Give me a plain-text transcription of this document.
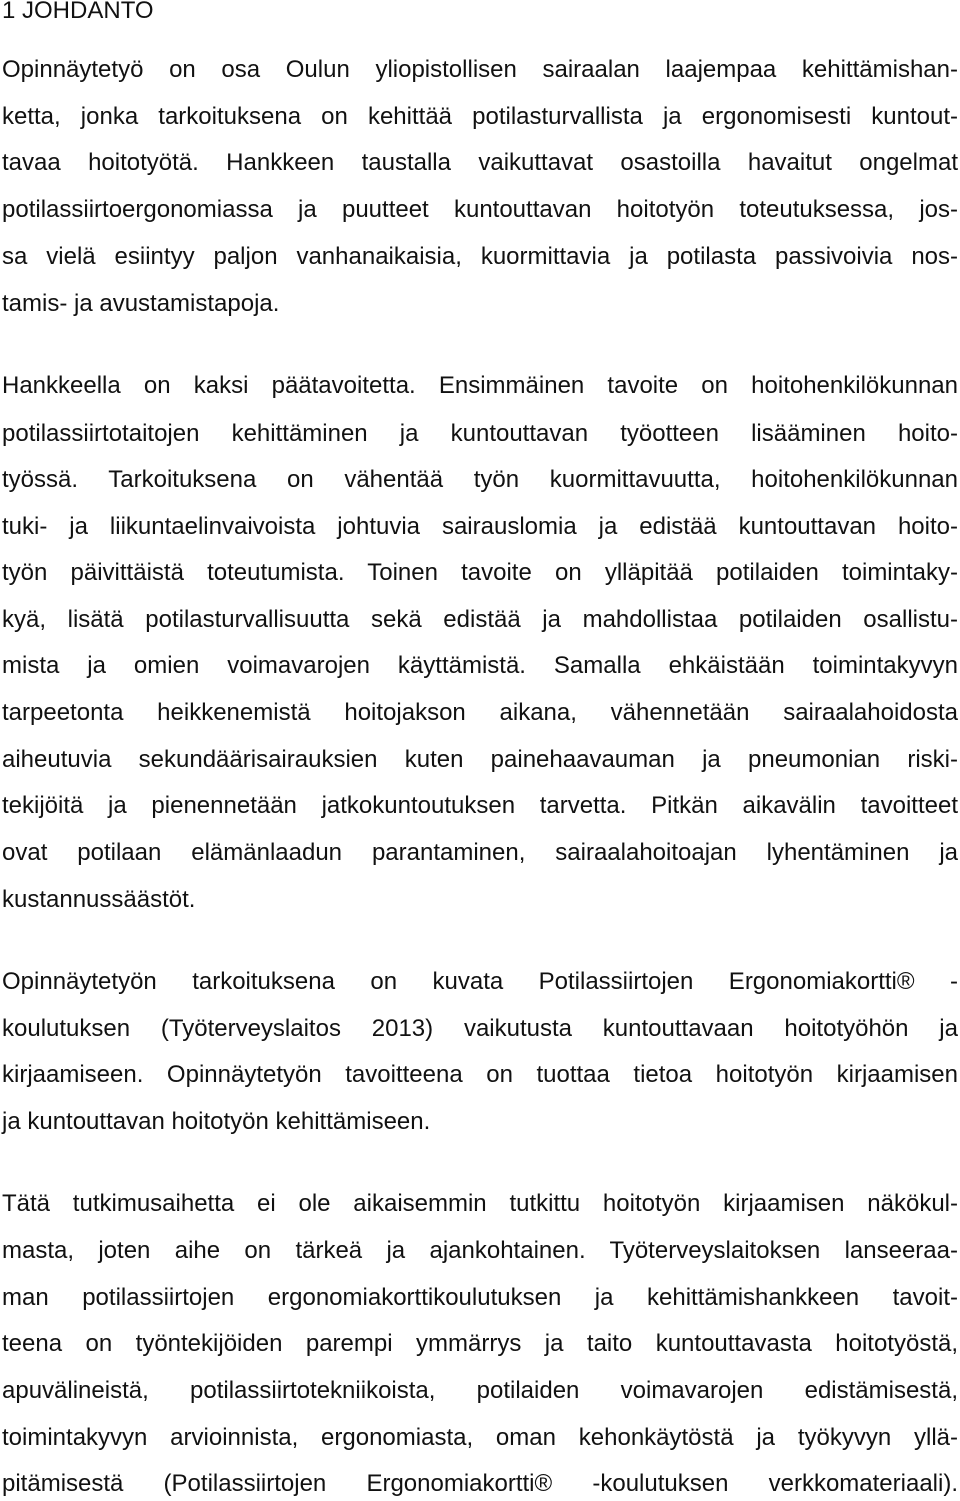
1 JOHDANTO

Opinnäytetyö on osa Oulun yliopistollisen sairaalan laajempaa kehittämishan-

ketta, jonka tarkoituksena on kehittää potilasturvallista ja ergonomisesti kuntout-

tavaa hoitotyötä. Hankkeen taustalla vaikuttavat osastoilla havaitut ongelmat

potilassiirtoergonomiassa ja puutteet kuntouttavan hoitotyön toteutuksessa, jos-

sa vielä esiintyy paljon vanhanaikaisia, kuormittavia ja potilasta passivoivia nos-

tamis- ja avustamistapoja.

Hankkeella on kaksi päätavoitetta. Ensimmäinen tavoite on hoitohenkilökunnan

potilassiirtotaitojen kehittäminen ja kuntouttavan työotteen lisääminen hoito-

työssä. Tarkoituksena on vähentää työn kuormittavuutta, hoitohenkilökunnan

tuki- ja liikuntaelinvaivoista johtuvia sairauslomia ja edistää kuntouttavan hoito-

työn päivittäistä toteutumista. Toinen tavoite on ylläpitää potilaiden toimintaky-

kyä, lisätä potilasturvallisuutta sekä edistää ja mahdollistaa potilaiden osallistu-

mista ja omien voimavarojen käyttämistä. Samalla ehkäistään toimintakyvyn

tarpeetonta heikkenemistä hoitojakson aikana, vähennetään sairaalahoidosta

aiheutuvia sekundäärisairauksien kuten painehaavauman ja pneumonian riski-

tekijöitä ja pienennetään jatkokuntoutuksen tarvetta. Pitkän aikavälin tavoitteet

ovat potilaan elämänlaadun parantaminen, sairaalahoitoajan lyhentäminen ja

kustannussäästöt.

Opinnäytetyön tarkoituksena on kuvata Potilassiirtojen Ergonomiakortti® -

koulutuksen (Työterveyslaitos 2013) vaikutusta kuntouttavaan hoitotyöhön ja

kirjaamiseen. Opinnäytetyön tavoitteena on tuottaa tietoa hoitotyön kirjaamisen

ja kuntouttavan hoitotyön kehittämiseen.

Tätä tutkimusaihetta ei ole aikaisemmin tutkittu hoitotyön kirjaamisen näkökul-

masta, joten aihe on tärkeä ja ajankohtainen. Työterveyslaitoksen lanseeraa-

man potilassiirtojen ergonomiakorttikoulutuksen ja kehittämishankkeen tavoit-

teena on työntekijöiden parempi ymmärrys ja taito kuntouttavasta hoitotyöstä,

apuvälineistä, potilassiirtotekniikoista, potilaiden voimavarojen edistämisestä,

toimintakyvyn arvioinnista, ergonomiasta, oman kehonkäytöstä ja työkyvyn yllä-

pitämisestä (Potilassiirtojen Ergonomiakortti® -koulutuksen verkkomateriaali).
